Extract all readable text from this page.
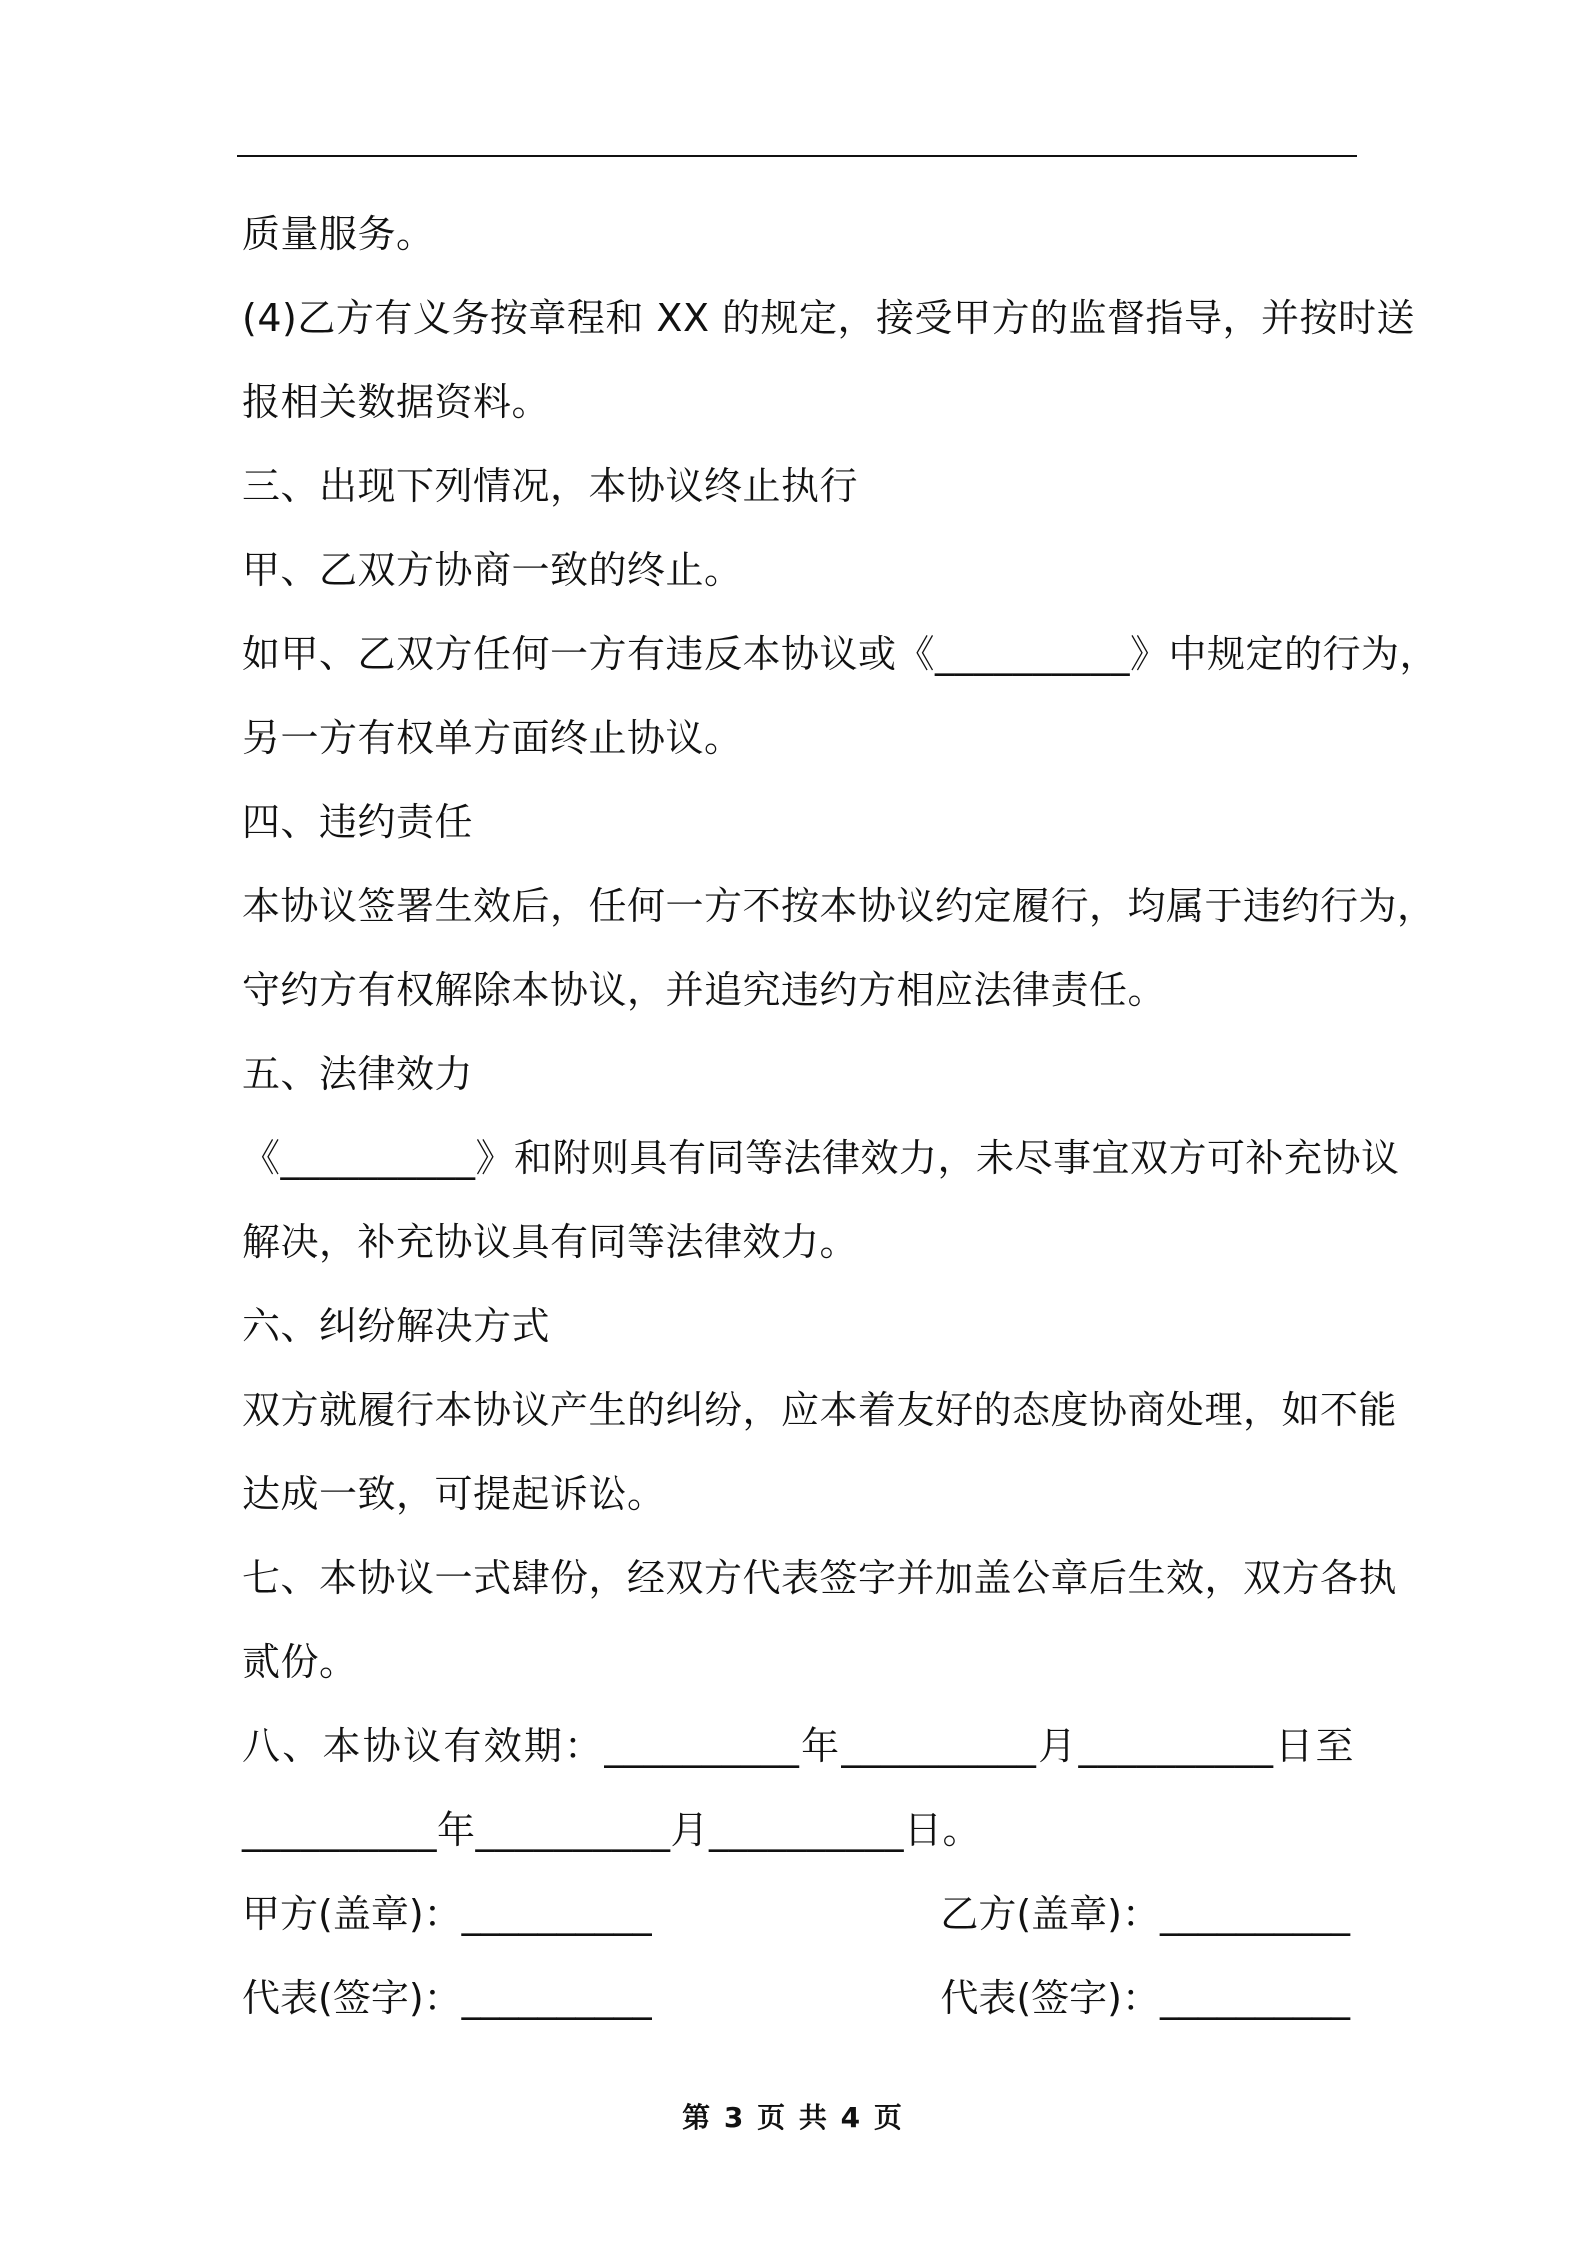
质量服务。
(4)乙方有义务按章程和 XX 的规定，接受甲方的监督指导，并按时送
报相关数据资料。
三、出现下列情况，本协议终止执行
甲、乙双方协商一致的终止。
如甲、乙双方任何一方有违反本协议或《__________》中规定的行为，
另一方有权单方面终止协议。
四、违约责任
本协议签署生效后，任何一方不按本协议约定履行，均属于违约行为，
守约方有权解除本协议，并追究违约方相应法律责任。
五、法律效力
《__________》和附则具有同等法律效力，未尽事宜双方可补充协议
解决，补充协议具有同等法律效力。
六、纠纷解决方式
双方就履行本协议产生的纠纷，应本着友好的态度协商处理，如不能
达成一致，可提起诉讼。
七、本协议一式肆份，经双方代表签字并加盖公章后生效，双方各执
贰份。
八、本协议有效期：__________年__________月__________日至
__________年__________月__________日。
甲方(盖章)：__________	乙方(盖章)：__________
代表(签字)：__________	代表(签字)：__________
第 3 页 共 4 页
